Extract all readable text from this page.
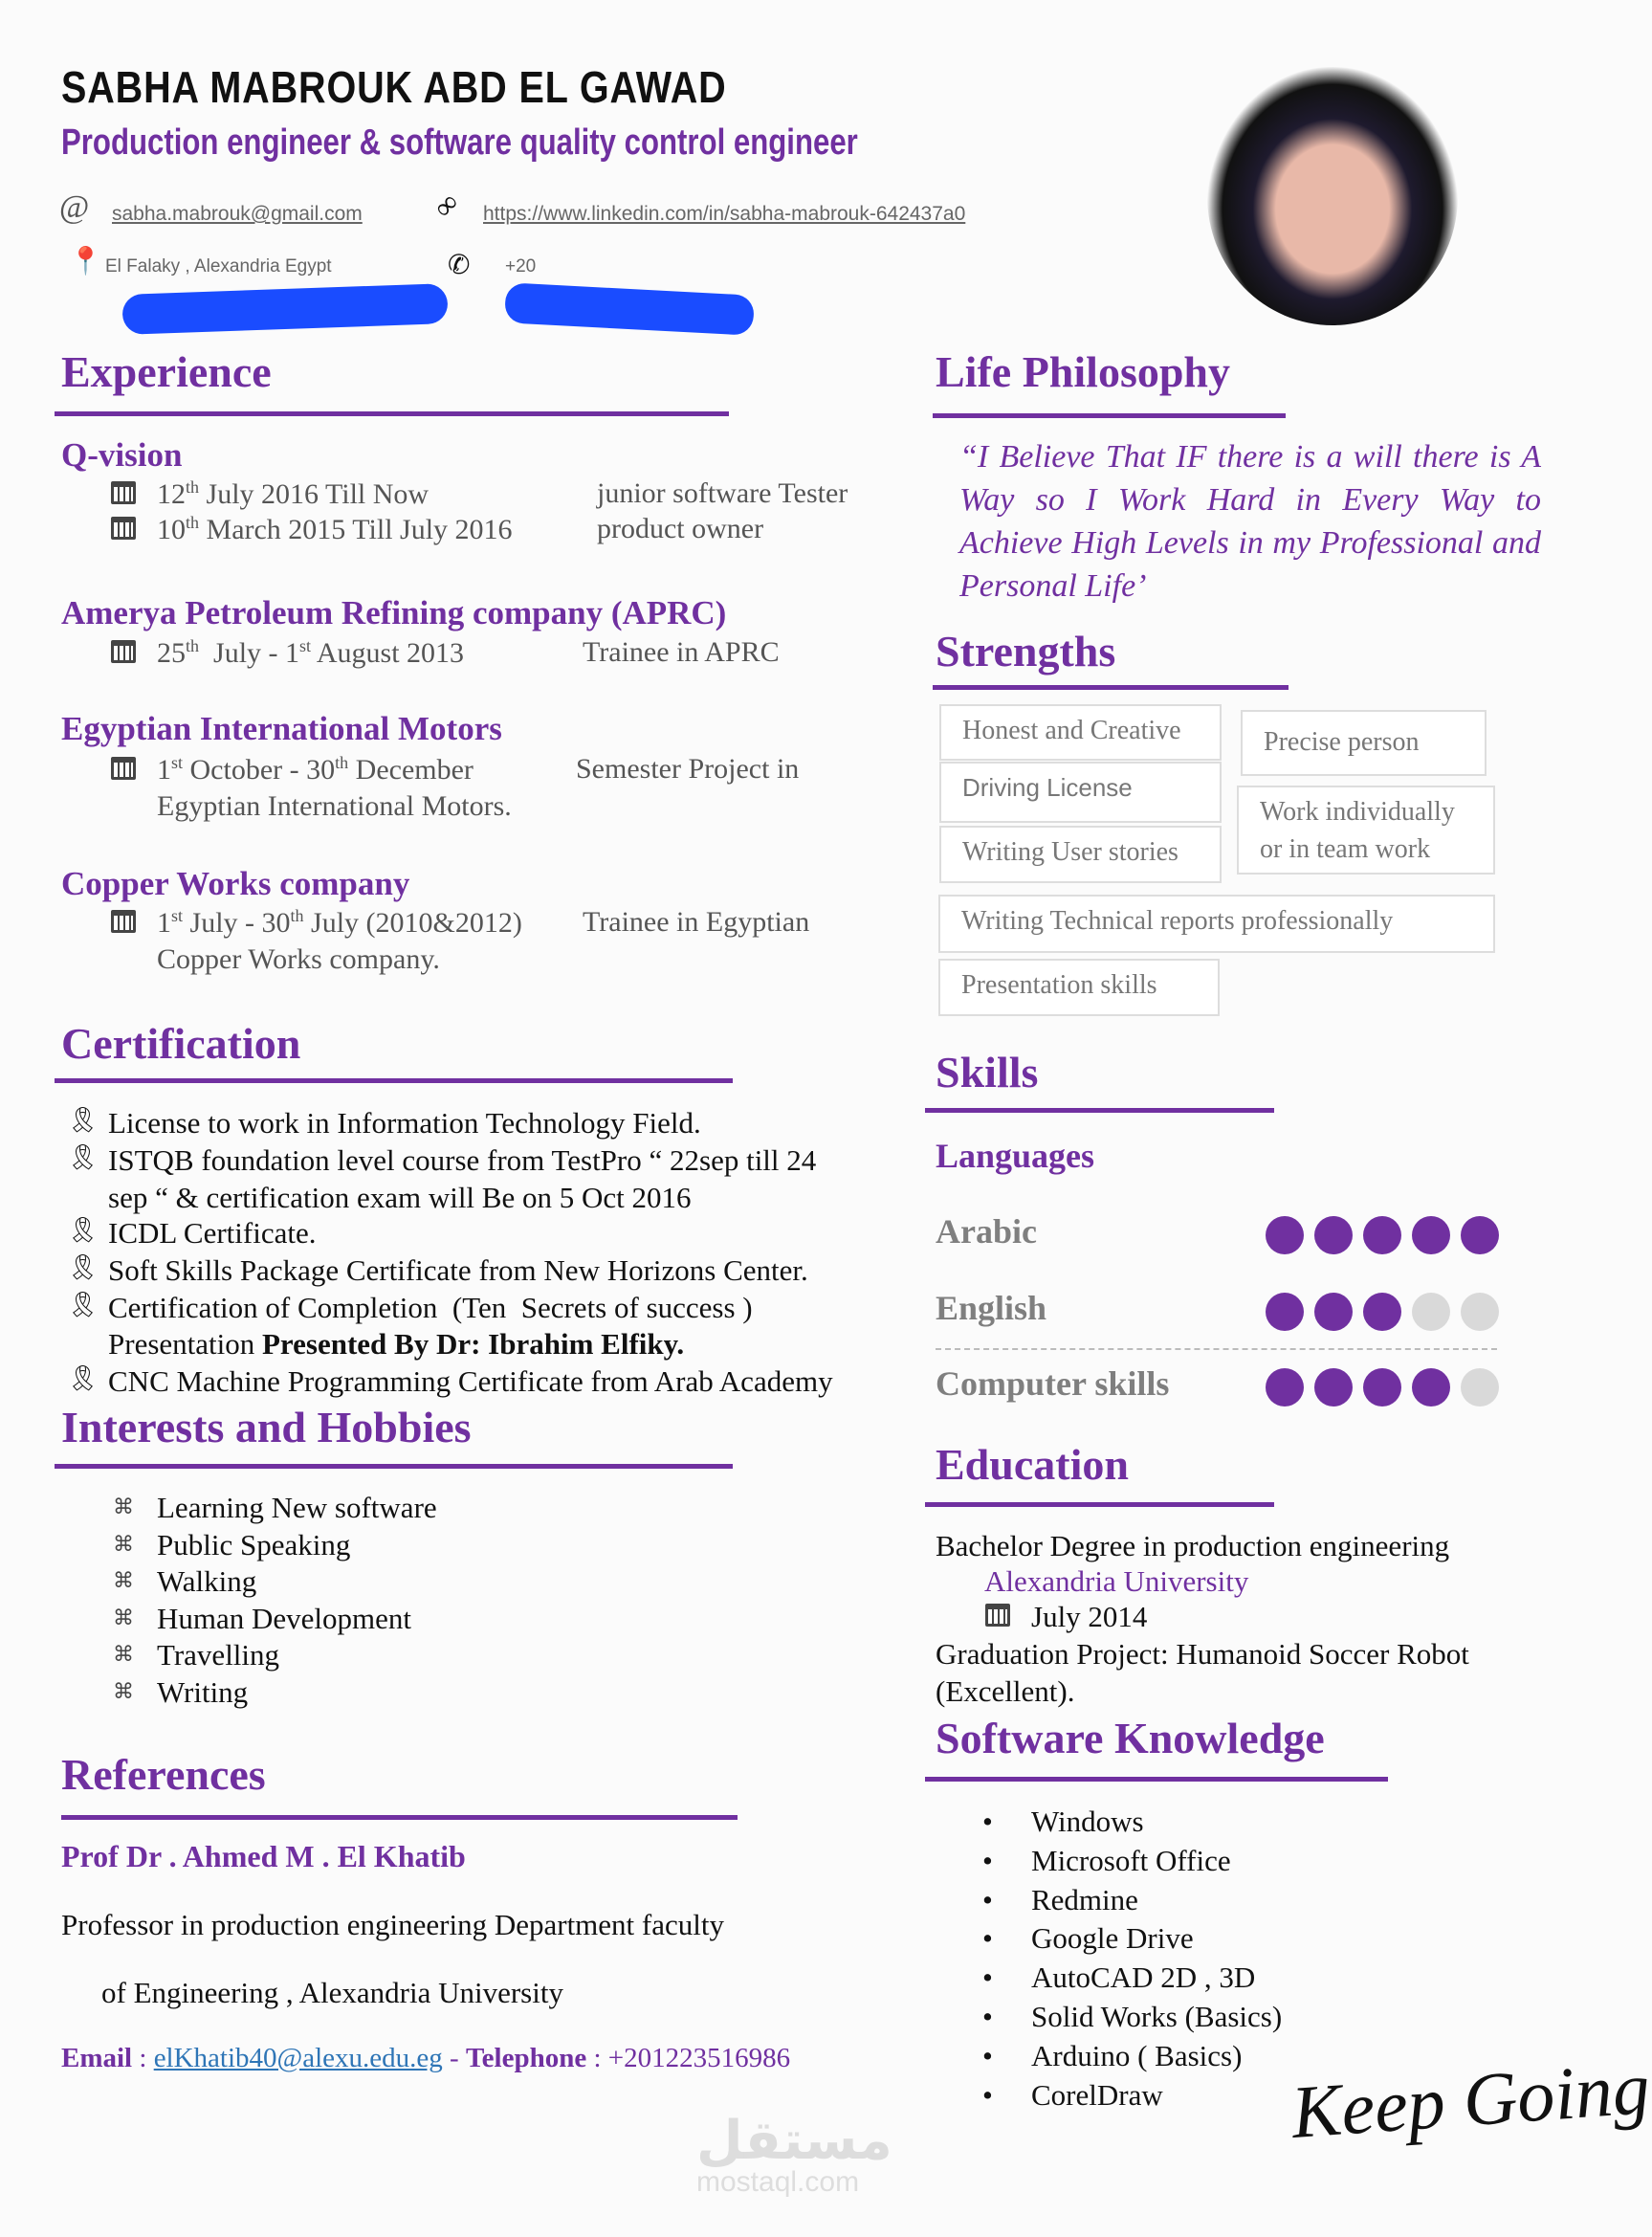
SABHA MABROUK ABD EL GAWAD
Production engineer & software quality control engineer
@ sabha.mabrouk@gmail.com ∞ https://www.linkedin.com/in/sabha-mabrouk-642437a0
📍 El Falaky , Alexandria Egypt	✆ +20
Experience
Q-vision
12th July 2016 Till Now	junior software Tester
10th March 2015 Till July 2016	product owner
Amerya Petroleum Refining company (APRC)
25th  July - 1st August 2013	Trainee in APRC
Egyptian International Motors
1st October - 30th December	Semester Project in
Egyptian International Motors.
Copper Works company
1st July - 30th July (2010&2012) Trainee in Egyptian
Copper Works company.
Certification
🎗 License to work in Information Technology Field.
🎗 ISTQB foundation level course from TestPro “ 22sep till 24
sep “ & certification exam will Be on 5 Oct 2016
🎗 ICDL Certificate.
🎗 Soft Skills Package Certificate from New Horizons Center.
🎗 Certification of Completion  (Ten  Secrets of success )
Presentation Presented By Dr: Ibrahim Elfiky.
🎗 CNC Machine Programming Certificate from Arab Academy
Interests and Hobbies
⌘ Learning New software
⌘ Public Speaking
⌘ Walking
⌘ Human Development
⌘ Travelling
⌘ Writing
References
Prof Dr . Ahmed M . El Khatib
Professor in production engineering Department faculty
of Engineering , Alexandria University
Email : elKhatib40@alexu.edu.eg - Telephone : +201223516986
Life Philosophy
“I Believe That IF there is a will there is A Way so I Work Hard in Every Way to Achieve High Levels in my Professional and Personal Life’
Strengths
Honest and Creative
Driving License
Writing User stories
Precise person
Work individually or in team work
Writing Technical reports professionally
Presentation skills
Skills
Languages
Arabic
English
Computer skills
Education
Bachelor Degree in production engineering
Alexandria University
July 2014
Graduation Project: Humanoid Soccer Robot
(Excellent).
Software Knowledge
• Windows
• Microsoft Office
• Redmine
• Google Drive
• AutoCAD 2D , 3D
• Solid Works (Basics)
• Arduino ( Basics)
• CorelDraw Keep Going
مستقل
mostaql.com
